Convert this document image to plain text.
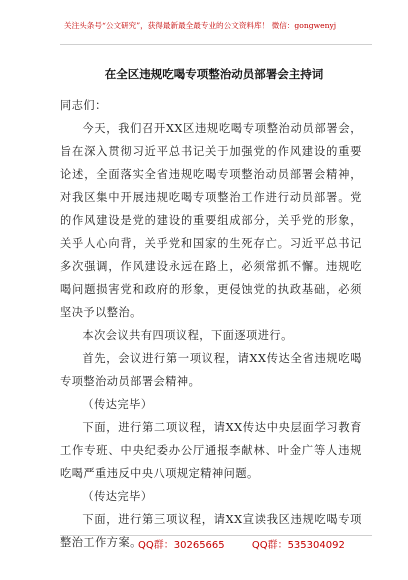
关注头条号“公文研究”，获得最新最全最专业的公文资料库！ 微信：gongwenyj
在全区违规吃喝专项整治动员部署会主持词

同志们：

今天，我们召开XX区违规吃喝专项整治动员部署会，旨在深入贯彻习近平总书记关于加强党的作风建设的重要论述，全面落实全省违规吃喝专项整治动员部署会精神，对我区集中开展违规吃喝专项整治工作进行动员部署。党的作风建设是党的建设的重要组成部分，关乎党的形象，关乎人心向背，关乎党和国家的生死存亡。习近平总书记多次强调，作风建设永远在路上，必须常抓不懈。违规吃喝问题损害党和政府的形象，更侵蚀党的执政基础，必须坚决予以整治。

本次会议共有四项议程，下面逐项进行。

首先，会议进行第一项议程，请XX传达全省违规吃喝专项整治动员部署会精神。

（传达完毕）

下面，进行第二项议程，请XX传达中央层面学习教育工作专班、中央纪委办公厅通报李献林、叶金广等人违规吃喝严重违反中央八项规定精神问题。

（传达完毕）

下面，进行第三项议程，请XX宣读我区违规吃喝专项整治工作方案。

QQ群：30265665	QQ群：535304092
